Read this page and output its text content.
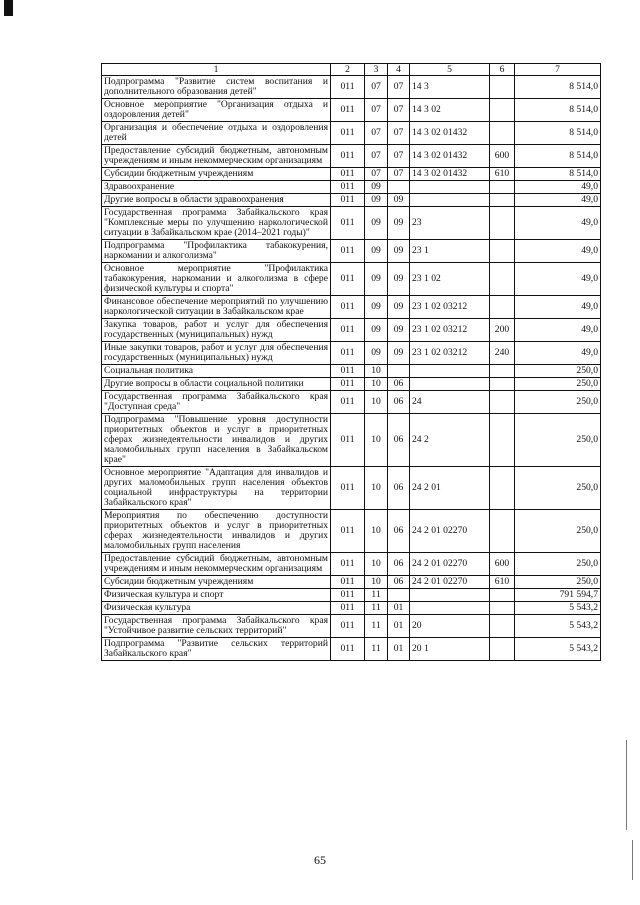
1	2	3	4	5	6	7
Подпрограмма "Развитие систем воспитания и дополнительного образования детей"	011	07	07	14 3		8 514,0
Основное мероприятие "Организация отдыха и оздоровления детей"	011	07	07	14 3 02		8 514,0
Организация и обеспечение отдыха и оздоровления детей	011	07	07	14 3 02 01432		8 514,0
Предоставление субсидий бюджетным, автономным учреждениям и иным некоммерческим организациям	011	07	07	14 3 02 01432	600	8 514,0
Субсидии бюджетным учреждениям	011	07	07	14 3 02 01432	610	8 514,0
Здравоохранение	011	09				49,0
Другие вопросы в области здравоохранения	011	09	09			49,0
Государственная программа Забайкальского края "Комплексные меры по улучшению наркологической ситуации в Забайкальском крае (2014–2021 годы)"	011	09	09	23		49,0
Подпрограмма "Профилактика табакокурения, наркомании и алкоголизма"	011	09	09	23 1		49,0
Основное мероприятие "Профилактика табакокурения, наркомании и алкоголизма в сфере физической культуры и спорта"	011	09	09	23 1 02		49,0
Финансовое обеспечение мероприятий по улучшению наркологической ситуации в Забайкальском крае	011	09	09	23 1 02 03212		49,0
Закупка товаров, работ и услуг для обеспечения государственных (муниципальных) нужд	011	09	09	23 1 02 03212	200	49,0
Иные закупки товаров, работ и услуг для обеспечения государственных (муниципальных) нужд	011	09	09	23 1 02 03212	240	49,0
Социальная политика	011	10				250,0
Другие вопросы в области социальной политики	011	10	06			250,0
Государственная программа Забайкальского края "Доступная среда"	011	10	06	24		250,0
Подпрограмма "Повышение уровня доступности приоритетных объектов и услуг в приоритетных сферах жизнедеятельности инвалидов и других маломобильных групп населения в Забайкальском крае"	011	10	06	24 2		250,0
Основное мероприятие "Адаптация для инвалидов и других маломобильных групп населения объектов социальной инфраструктуры на территории Забайкальского края"	011	10	06	24 2 01		250,0
Мероприятия по обеспечению доступности приоритетных объектов и услуг в приоритетных сферах жизнедеятельности инвалидов и других маломобильных групп населения	011	10	06	24 2 01 02270		250,0
Предоставление субсидий бюджетным, автономным учреждениям и иным некоммерческим организациям	011	10	06	24 2 01 02270	600	250,0
Субсидии бюджетным учреждениям	011	10	06	24 2 01 02270	610	250,0
Физическая культура и спорт	011	11				791 594,7
Физическая культура	011	11	01			5 543,2
Государственная программа Забайкальского края "Устойчивое развитие сельских территорий"	011	11	01	20		5 543,2
Подпрограмма "Развитие сельских территорий Забайкальского края"	011	11	01	20 1		5 543,2
65
